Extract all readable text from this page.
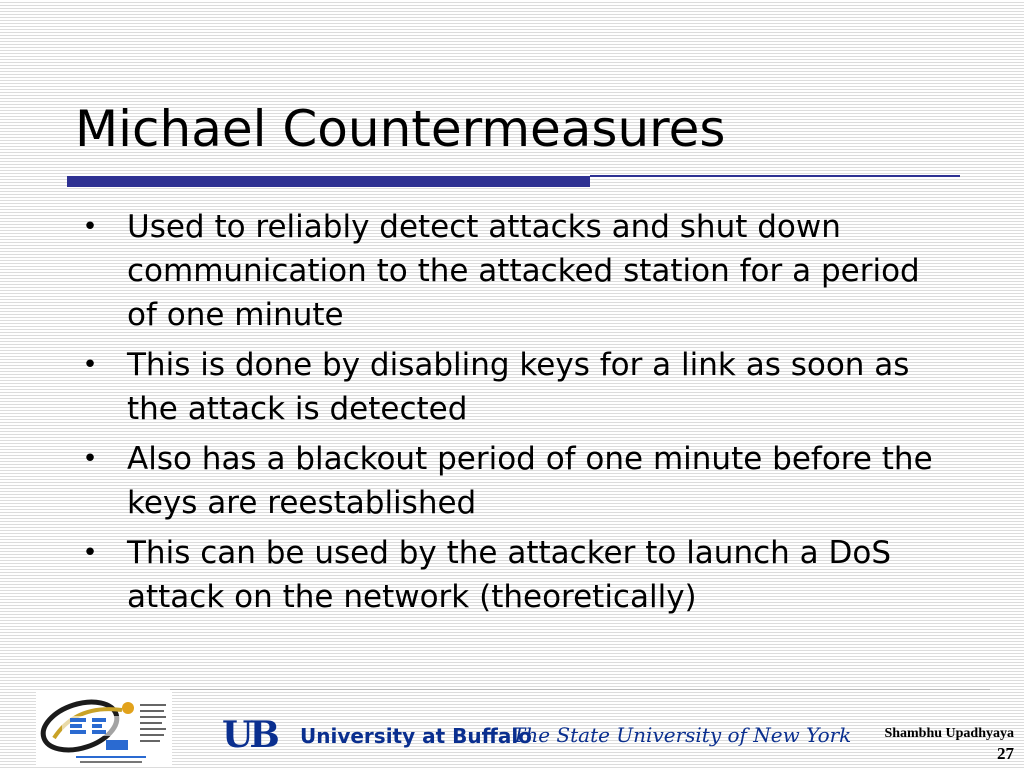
Michael Countermeasures
• Used to reliably detect attacks and shut down communication to the attacked station for a period of one minute
• This is done by disabling keys for a link as soon as the attack is detected
• Also has a blackout period of one minute before the keys are reestablished
• This can be used by the attacker to launch a DoS attack on the network (theoretically)
UB University at Buffalo
The State University of New York Shambhu Upadhyaya
27
